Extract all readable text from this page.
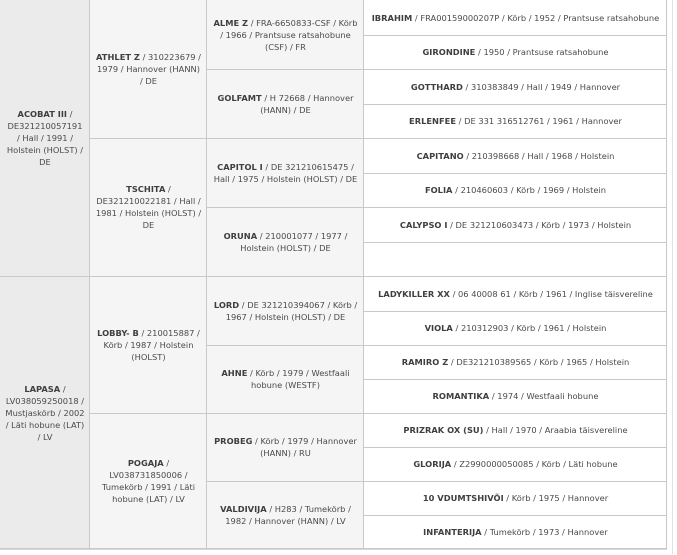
ACOBAT III / DE321210057191 / Hall / 1991 / Holstein (HOLST) / DE
LAPASA / LV038059250018 / Mustjaskörb / 2002 / Läti hobune (LAT) / LV
ATHLET Z / 310223679 / 1979 / Hannover (HANN) / DE
TSCHITA / DE321210022181 / Hall / 1981 / Holstein (HOLST) / DE
LOBBY- B / 210015887 / Körb / 1987 / Holstein (HOLST)
POGAJA / LV038731850006 / Tumekörb / 1991 / Läti hobune (LAT) / LV
ALME Z / FRA-6650833-CSF / Körb / 1966 / Prantsuse ratsahobune (CSF) / FR
GOLFAMT / H 72668 / Hannover (HANN) / DE
CAPITOL I / DE 321210615475 / Hall / 1975 / Holstein (HOLST) / DE
ORUNA / 210001077 / 1977 / Holstein (HOLST) / DE
LORD / DE 321210394067 / Körb / 1967 / Holstein (HOLST) / DE
AHNE / Körb / 1979 / Westfaali hobune (WESTF)
PROBEG / Körb / 1979 / Hannover (HANN) / RU
VALDIVIJA / H283 / Tumekörb / 1982 / Hannover (HANN) / LV
IBRAHIM / FRA00159000207P / Körb / 1952 / Prantsuse ratsahobune
GIRONDINE / 1950 / Prantsuse ratsahobune
GOTTHARD / 310383849 / Hall / 1949 / Hannover
ERLENFEE / DE 331 316512761 / 1961 / Hannover
CAPITANO / 210398668 / Hall / 1968 / Holstein
FOLIA / 210460603 / Körb / 1969 / Holstein
CALYPSO I / DE 321210603473 / Körb / 1973 / Holstein
LADYKILLER XX / 06 40008 61 / Körb / 1961 / Inglise täisvereline
VIOLA / 210312903 / Körb / 1961 / Holstein
RAMIRO Z / DE321210389565 / Körb / 1965 / Holstein
ROMANTIKA / 1974 / Westfaali hobune
PRIZRAK OX (SU) / Hall / 1970 / Araabia täisvereline
GLORIJA / Z2990000050085 / Körb / Läti hobune
10 VDUMTSHIVÕI / Körb / 1975 / Hannover
INFANTERIJA / Tumekörb / 1973 / Hannover
